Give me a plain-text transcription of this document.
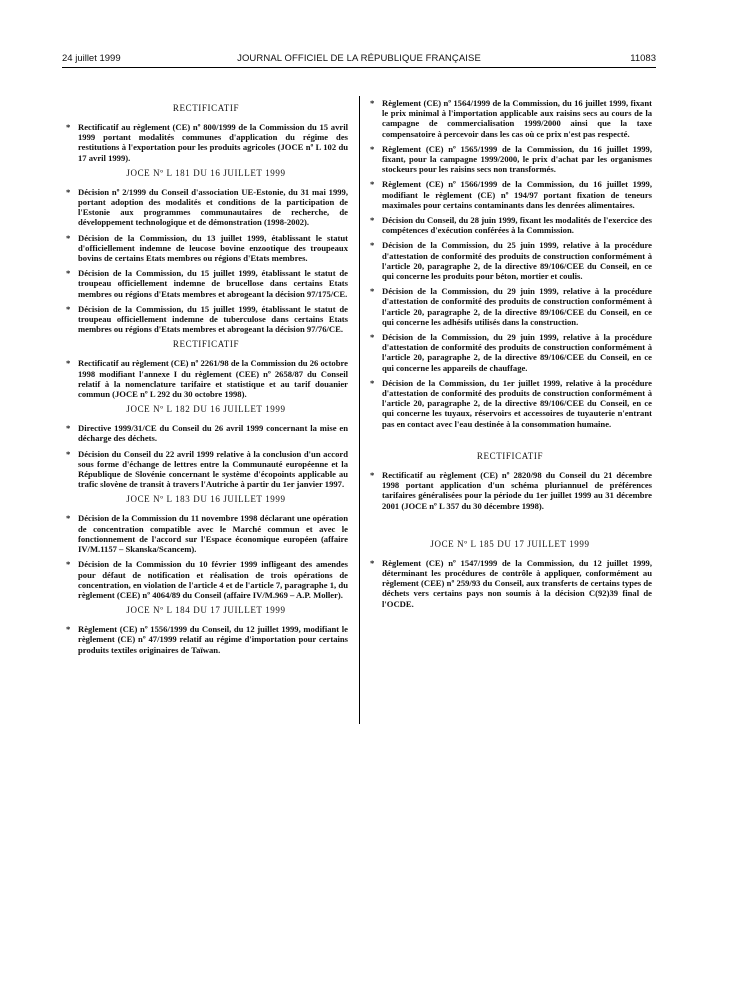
24 juillet 1999	JOURNAL OFFICIEL DE LA RÉPUBLIQUE FRANÇAISE	11083
RECTIFICATIF
* Rectificatif au règlement (CE) nº 800/1999 de la Commission du 15 avril 1999 portant modalités communes d'application du régime des restitutions à l'exportation pour les produits agricoles (JOCE nº L 102 du 17 avril 1999).
JOCE Nº L 181 DU 16 JUILLET 1999
* Décision nº 2/1999 du Conseil d'association UE-Estonie, du 31 mai 1999, portant adoption des modalités et conditions de la participation de l'Estonie aux programmes communautaires de recherche, de développement technologique et de démonstration (1998-2002).
* Décision de la Commission, du 13 juillet 1999, établissant le statut d'officiellement indemne de leucose bovine enzootique des troupeaux bovins de certains Etats membres ou régions d'Etats membres.
* Décision de la Commission, du 15 juillet 1999, établissant le statut de troupeau officiellement indemne de brucellose dans certains Etats membres ou régions d'Etats membres et abrogeant la décision 97/175/CE.
* Décision de la Commission, du 15 juillet 1999, établissant le statut de troupeau officiellement indemne de tuberculose dans certains Etats membres ou régions d'Etats membres et abrogeant la décision 97/76/CE.
RECTIFICATIF
* Rectificatif au règlement (CE) nº 2261/98 de la Commission du 26 octobre 1998 modifiant l'annexe I du règlement (CEE) nº 2658/87 du Conseil relatif à la nomenclature tarifaire et statistique et au tarif douanier commun (JOCE nº L 292 du 30 octobre 1998).
JOCE Nº L 182 DU 16 JUILLET 1999
* Directive 1999/31/CE du Conseil du 26 avril 1999 concernant la mise en décharge des déchets.
* Décision du Conseil du 22 avril 1999 relative à la conclusion d'un accord sous forme d'échange de lettres entre la Communauté européenne et la République de Slovénie concernant le système d'écopoints applicable au trafic slovène de transit à travers l'Autriche à partir du 1er janvier 1997.
JOCE Nº L 183 DU 16 JUILLET 1999
* Décision de la Commission du 11 novembre 1998 déclarant une opération de concentration compatible avec le Marché commun et avec le fonctionnement de l'accord sur l'Espace économique européen (affaire IV/M.1157 – Skanska/Scancem).
* Décision de la Commission du 10 février 1999 infligeant des amendes pour défaut de notification et réalisation de trois opérations de concentration, en violation de l'article 4 et de l'article 7, paragraphe 1, du règlement (CEE) nº 4064/89 du Conseil (affaire IV/M.969 – A.P. Moller).
JOCE Nº L 184 DU 17 JUILLET 1999
* Règlement (CE) nº 1556/1999 du Conseil, du 12 juillet 1999, modifiant le règlement (CE) nº 47/1999 relatif au régime d'importation pour certains produits textiles originaires de Taïwan.
* Règlement (CE) nº 1564/1999 de la Commission, du 16 juillet 1999, fixant le prix minimal à l'importation applicable aux raisins secs au cours de la campagne de commercialisation 1999/2000 ainsi que la taxe compensatoire à percevoir dans les cas où ce prix n'est pas respecté.
* Règlement (CE) nº 1565/1999 de la Commission, du 16 juillet 1999, fixant, pour la campagne 1999/2000, le prix d'achat par les organismes stockeurs pour les raisins secs non transformés.
* Règlement (CE) nº 1566/1999 de la Commission, du 16 juillet 1999, modifiant le règlement (CE) nº 194/97 portant fixation de teneurs maximales pour certains contaminants dans les denrées alimentaires.
* Décision du Conseil, du 28 juin 1999, fixant les modalités de l'exercice des compétences d'exécution conférées à la Commission.
* Décision de la Commission, du 25 juin 1999, relative à la procédure d'attestation de conformité des produits de construction conformément à l'article 20, paragraphe 2, de la directive 89/106/CEE du Conseil, en ce qui concerne les produits pour béton, mortier et coulis.
* Décision de la Commission, du 29 juin 1999, relative à la procédure d'attestation de conformité des produits de construction conformément à l'article 20, paragraphe 2, de la directive 89/106/CEE du Conseil, en ce qui concerne les adhésifs utilisés dans la construction.
* Décision de la Commission, du 29 juin 1999, relative à la procédure d'attestation de conformité des produits de construction conformément à l'article 20, paragraphe 2, de la directive 89/106/CEE du Conseil, en ce qui concerne les appareils de chauffage.
* Décision de la Commission, du 1er juillet 1999, relative à la procédure d'attestation de conformité des produits de construction conformément à l'article 20, paragraphe 2, de la directive 89/106/CEE du Conseil, en ce qui concerne les tuyaux, réservoirs et accessoires de tuyauterie n'entrant pas en contact avec l'eau destinée à la consommation humaine.
RECTIFICATIF
* Rectificatif au règlement (CE) nº 2820/98 du Conseil du 21 décembre 1998 portant application d'un schéma pluriannuel de préférences tarifaires généralisées pour la période du 1er juillet 1999 au 31 décembre 2001 (JOCE nº L 357 du 30 décembre 1998).
JOCE Nº L 185 DU 17 JUILLET 1999
* Règlement (CE) nº 1547/1999 de la Commission, du 12 juillet 1999, déterminant les procédures de contrôle à appliquer, conformément au règlement (CEE) nº 259/93 du Conseil, aux transferts de certains types de déchets vers certains pays non soumis à la décision C(92)39 final de l'OCDE.
